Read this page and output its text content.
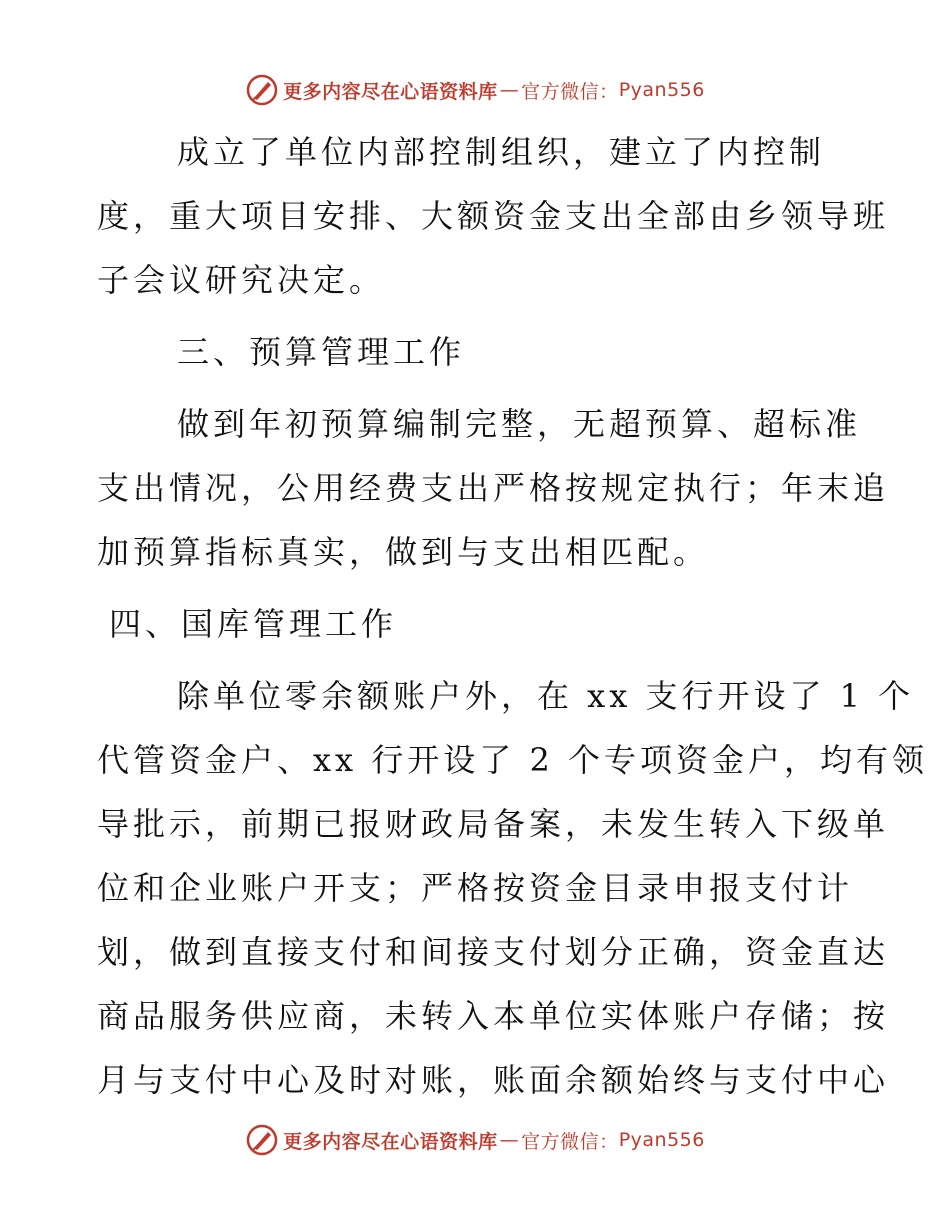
更多内容尽在心语资料库 — 官方微信： Pyan556
成立了单位内部控制组织，建立了内控制
度，重大项目安排、大额资金支出全部由乡领导班
子会议研究决定。
三、预算管理工作
做到年初预算编制完整，无超预算、超标准
支出情况，公用经费支出严格按规定执行；年末追
加预算指标真实，做到与支出相匹配。
四、国库管理工作
除单位零余额账户外，在 xx 支行开设了 1 个
代管资金户、xx 行开设了 2 个专项资金户，均有领
导批示，前期已报财政局备案，未发生转入下级单
位和企业账户开支；严格按资金目录申报支付计
划，做到直接支付和间接支付划分正确，资金直达
商品服务供应商，未转入本单位实体账户存储；按
月与支付中心及时对账，账面余额始终与支付中心
更多内容尽在心语资料库 — 官方微信： Pyan556
